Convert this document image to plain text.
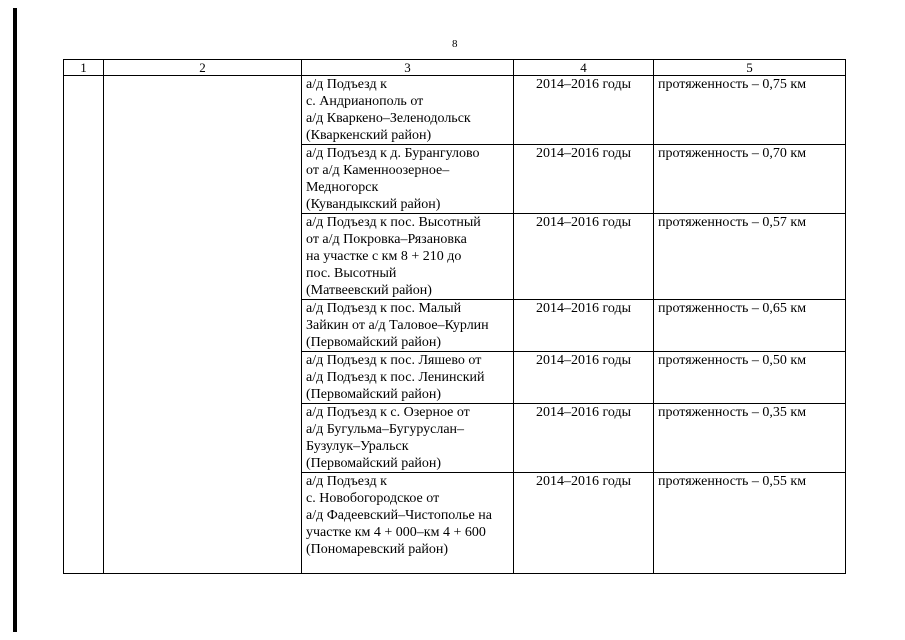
8
1	2	3	4	5
		а/д Подъезд к
с. Андрианополь от
а/д Кваркено–Зеленодольск
(Кваркенский район)	2014–2016 годы	протяженность – 0,75 км
		а/д Подъезд к д. Бурангулово
от а/д Каменноозерное–
Медногорск
(Кувандыкский район)	2014–2016 годы	протяженность – 0,70 км
		а/д Подъезд к пос. Высотный
от а/д Покровка–Рязановка
на участке с км 8 + 210 до
пос. Высотный
(Матвеевский район)	2014–2016 годы	протяженность – 0,57 км
		а/д Подъезд к пос. Малый
Зайкин от а/д Таловое–Курлин
(Первомайский район)	2014–2016 годы	протяженность – 0,65 км
		а/д Подъезд к пос. Ляшево от
а/д Подъезд к пос. Ленинский
(Первомайский район)	2014–2016 годы	протяженность – 0,50 км
		а/д Подъезд к с. Озерное от
а/д Бугульма–Бугуруслан–
Бузулук–Уральск
(Первомайский район)	2014–2016 годы	протяженность – 0,35 км
		а/д Подъезд к
с. Новобогородское от
а/д Фадеевский–Чистополье на
участке км 4 + 000–км 4 + 600
(Пономаревский район)	2014–2016 годы	протяженность – 0,55 км
